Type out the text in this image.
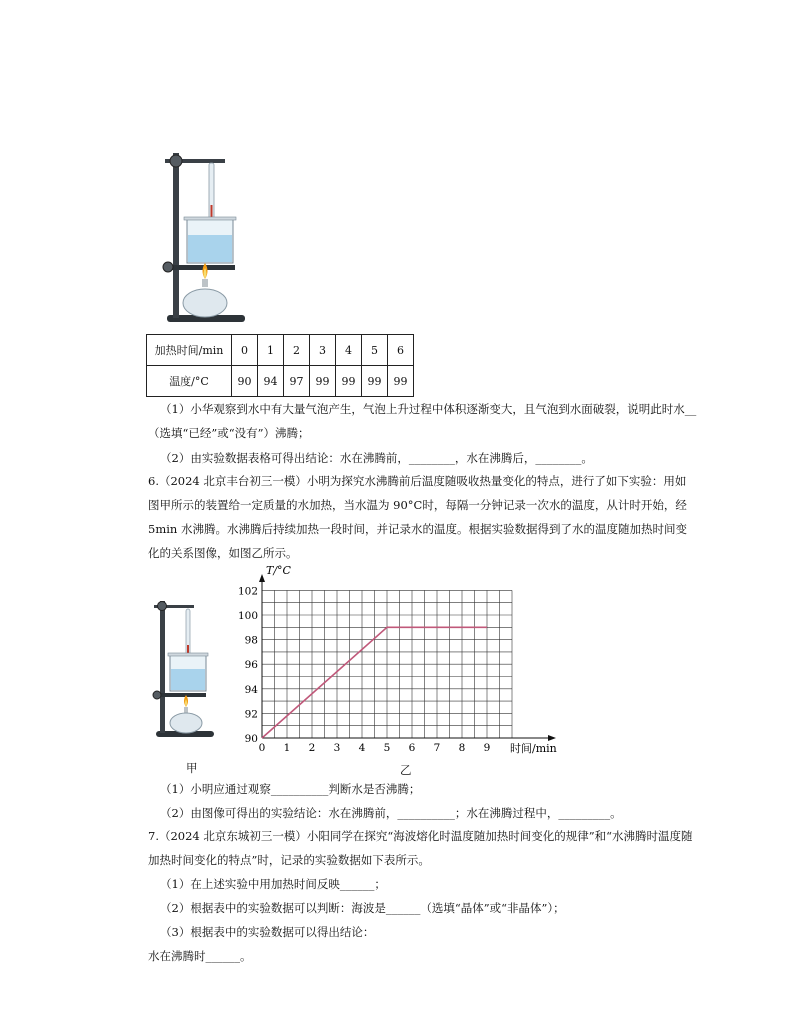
加热时间/min	0	1	2	3	4	5	6
温度/°C	90	94	97	99	99	99	99
（1）小华观察到水中有大量气泡产生，气泡上升过程中体积逐渐变大，且气泡到水面破裂，说明此时水__
（选填“已经”或“没有”）沸腾；
（2）由实验数据表格可得出结论：水在沸腾前，________，水在沸腾后，________。
6.（2024 北京丰台初三一模）小明为探究水沸腾前后温度随吸收热量变化的特点，进行了如下实验：用如
图甲所示的装置给一定质量的水加热，当水温为 90°C时，每隔一分钟记录一次水的温度，从计时开始，经
5min 水沸腾。水沸腾后持续加热一段时间，并记录水的温度。根据实验数据得到了水的温度随加热时间变
化的关系图像，如图乙所示。
0 1 2 3 4 5 6 7 8 9
90
92
94
96
98
100
102
T/°C
时间/min
甲	乙
（1）小明应通过观察__________判断水是否沸腾；
（2）由图像可得出的实验结论：水在沸腾前，__________；水在沸腾过程中，_________。
7.（2024 北京东城初三一模）小阳同学在探究“海波熔化时温度随加热时间变化的规律”和“水沸腾时温度随
加热时间变化的特点”时，记录的实验数据如下表所示。
（1）在上述实验中用加热时间反映______；
（2）根据表中的实验数据可以判断：海波是______（选填“晶体”或“非晶体”）；
（3）根据表中的实验数据可以得出结论：
水在沸腾时______。
